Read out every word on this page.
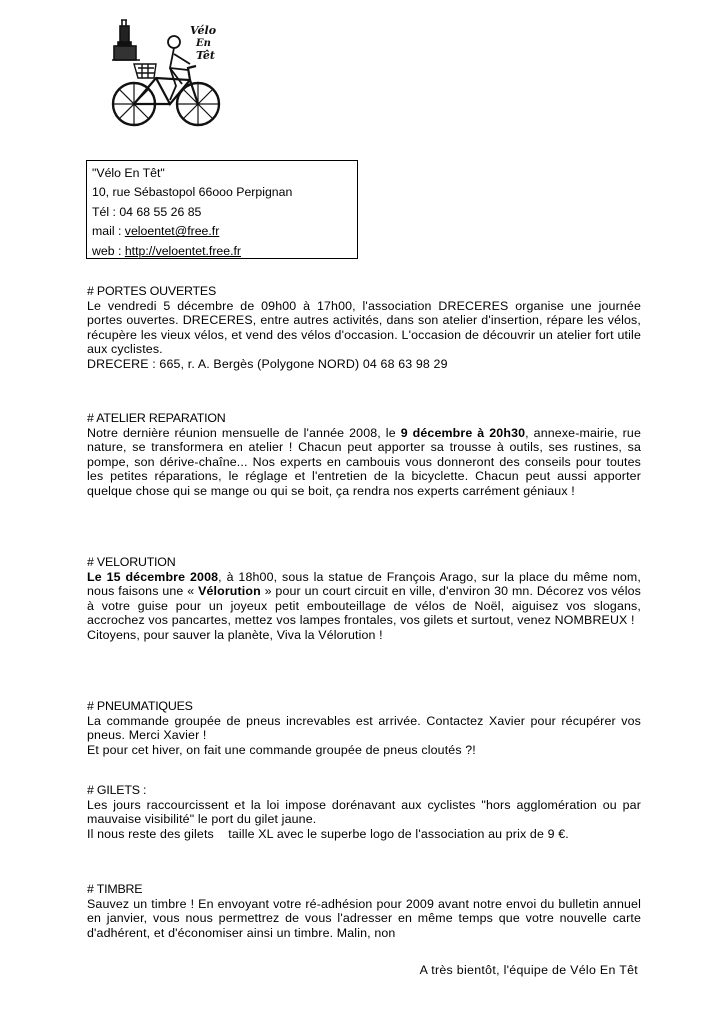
Vélo
En
Têt
"Vélo En Têt"
10, rue Sébastopol 66ooo Perpignan
Tél : 04 68 55 26 85
mail : veloentet@free.fr
web : http://veloentet.free.fr
# PORTES OUVERTES
Le vendredi 5 décembre de 09h00 à 17h00, l'association DRECERES organise une journée portes ouvertes. DRECERES, entre autres activités, dans son atelier d'insertion, répare les vélos, récupère les vieux vélos, et vend des vélos d'occasion. L'occasion de découvrir un atelier fort utile aux cyclistes.
DRECERE : 665, r. A. Bergès (Polygone NORD) 04 68 63 98 29
# ATELIER REPARATION
Notre dernière réunion mensuelle de l'année 2008, le 9 décembre à 20h30, annexe-mairie, rue nature, se transformera en atelier ! Chacun peut apporter sa trousse à outils, ses rustines, sa pompe, son dérive-chaîne... Nos experts en cambouis vous donneront des conseils pour toutes les petites réparations, le réglage et l'entretien de la bicyclette. Chacun peut aussi apporter quelque chose qui se mange ou qui se boit, ça rendra nos experts carrément géniaux !
# VELORUTION
Le 15 décembre 2008, à 18h00, sous la statue de François Arago, sur la place du même nom, nous faisons une « Vélorution » pour un court circuit en ville, d'environ 30 mn. Décorez vos vélos à votre guise pour un joyeux petit embouteillage de vélos de Noël, aiguisez vos slogans, accrochez vos pancartes, mettez vos lampes frontales, vos gilets et surtout, venez NOMBREUX !
Citoyens, pour sauver la planète, Viva la Vélorution !
# PNEUMATIQUES
La commande groupée de pneus increvables est arrivée. Contactez Xavier pour récupérer vos pneus. Merci Xavier !
Et pour cet hiver, on fait une commande groupée de pneus cloutés ?!
# GILETS :
Les jours raccourcissent et la loi impose dorénavant aux cyclistes "hors agglomération ou par mauvaise visibilité" le port du gilet jaune.
Il nous reste des gilets    taille XL avec le superbe logo de l'association au prix de 9 €.
# TIMBRE
Sauvez un timbre ! En envoyant votre ré-adhésion pour 2009 avant notre envoi du bulletin annuel en janvier, vous nous permettrez de vous l'adresser en même temps que votre nouvelle carte d'adhérent, et d'économiser ainsi un timbre. Malin, non
A très bientôt, l'équipe de Vélo En Têt
